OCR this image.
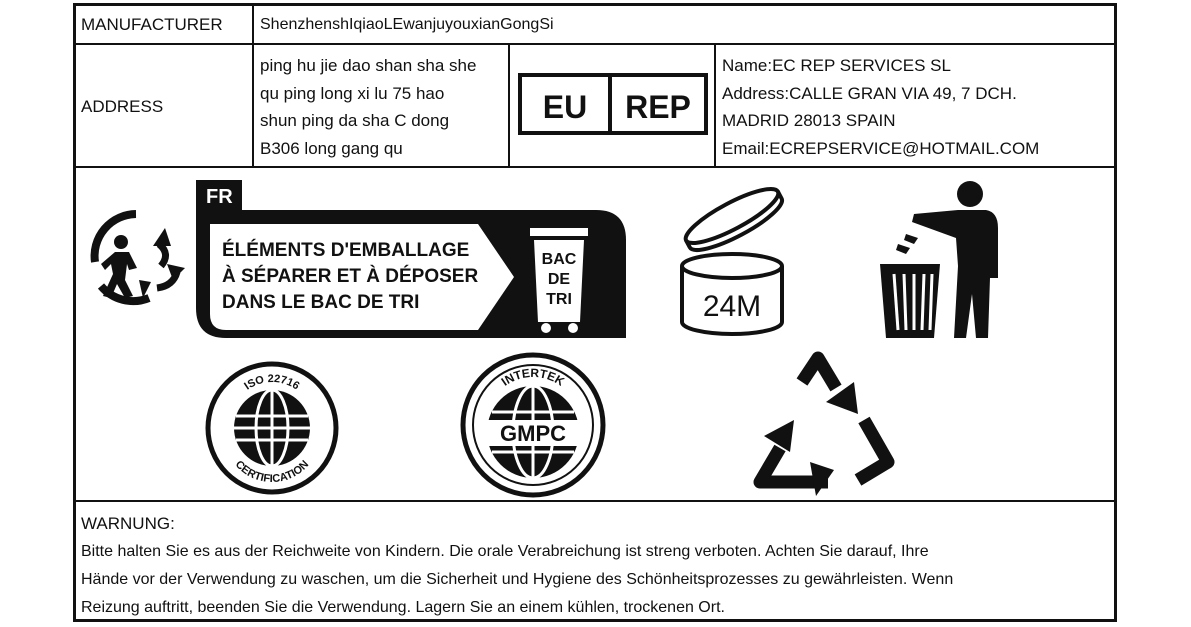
MANUFACTURER ShenzhenshIqiaoLEwanjuyouxianGongSi
ADDRESS
ping hu jie dao shan sha she
qu ping long xi lu 75 hao
shun ping da sha C dong
B306 long gang qu
EU REP
Name:EC REP SERVICES SL
Address:CALLE GRAN VIA 49, 7 DCH.
MADRID 28013 SPAIN
Email:ECREPSERVICE@HOTMAIL.COM
FR
ÉLÉMENTS D'EMBALLAGE
À SÉPARER ET À DÉPOSER
DANS LE BAC DE TRI
BAC
DE
TRI	24M
ISO 22716
CERTIFICATION
INTERTEK
GMPC
WARNUNG:
Bitte halten Sie es aus der Reichweite von Kindern. Die orale Verabreichung ist streng verboten. Achten Sie darauf, Ihre
Hände vor der Verwendung zu waschen, um die Sicherheit und Hygiene des Schönheitsprozesses zu gewährleisten. Wenn
Reizung auftritt, beenden Sie die Verwendung. Lagern Sie an einem kühlen, trockenen Ort.
